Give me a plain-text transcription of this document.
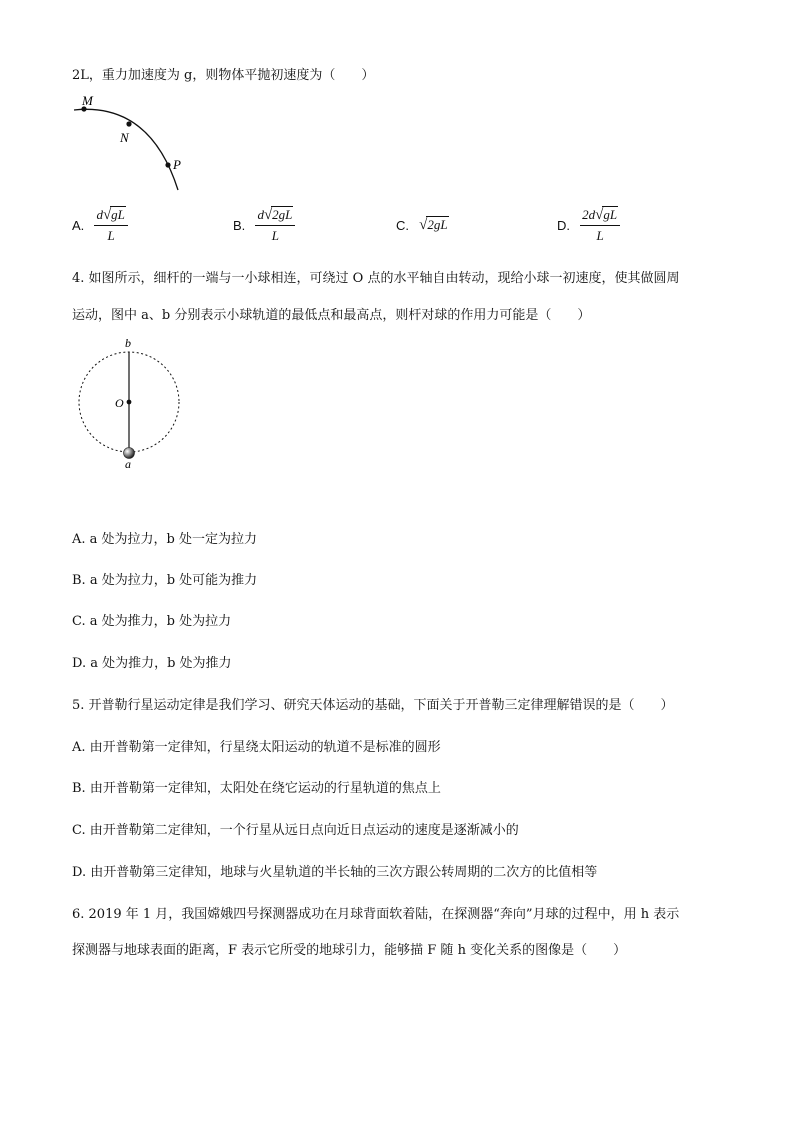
2L，重力加速度为 g，则物体平抛初速度为（　　）
M
N
P
A. $\frac{d√gL}{L}$	B. $\frac{d√2gL}{L}$	C. √2gL	D. $\frac{2d√gL}{L}$
4. 如图所示，细杆的一端与一小球相连，可绕过 O 点的水平轴自由转动，现给小球一初速度，使其做圆周
运动，图中 a、b 分别表示小球轨道的最低点和最高点，则杆对球的作用力可能是（　　）
b
O
a
A. a 处为拉力，b 处一定为拉力
B. a 处为拉力，b 处可能为推力
C. a 处为推力，b 处为拉力
D. a 处为推力，b 处为推力
5. 开普勒行星运动定律是我们学习、研究天体运动的基础，下面关于开普勒三定律理解错误的是（　　）
A. 由开普勒第一定律知，行星绕太阳运动的轨道不是标准的圆形
B. 由开普勒第一定律知，太阳处在绕它运动的行星轨道的焦点上
C. 由开普勒第二定律知，一个行星从远日点向近日点运动的速度是逐渐减小的
D. 由开普勒第三定律知，地球与火星轨道的半长轴的三次方跟公转周期的二次方的比值相等
6. 2019 年 1 月，我国嫦娥四号探测器成功在月球背面软着陆，在探测器“奔向”月球的过程中，用 h 表示
探测器与地球表面的距离，F 表示它所受的地球引力，能够描 F 随 h 变化关系的图像是（　　）
